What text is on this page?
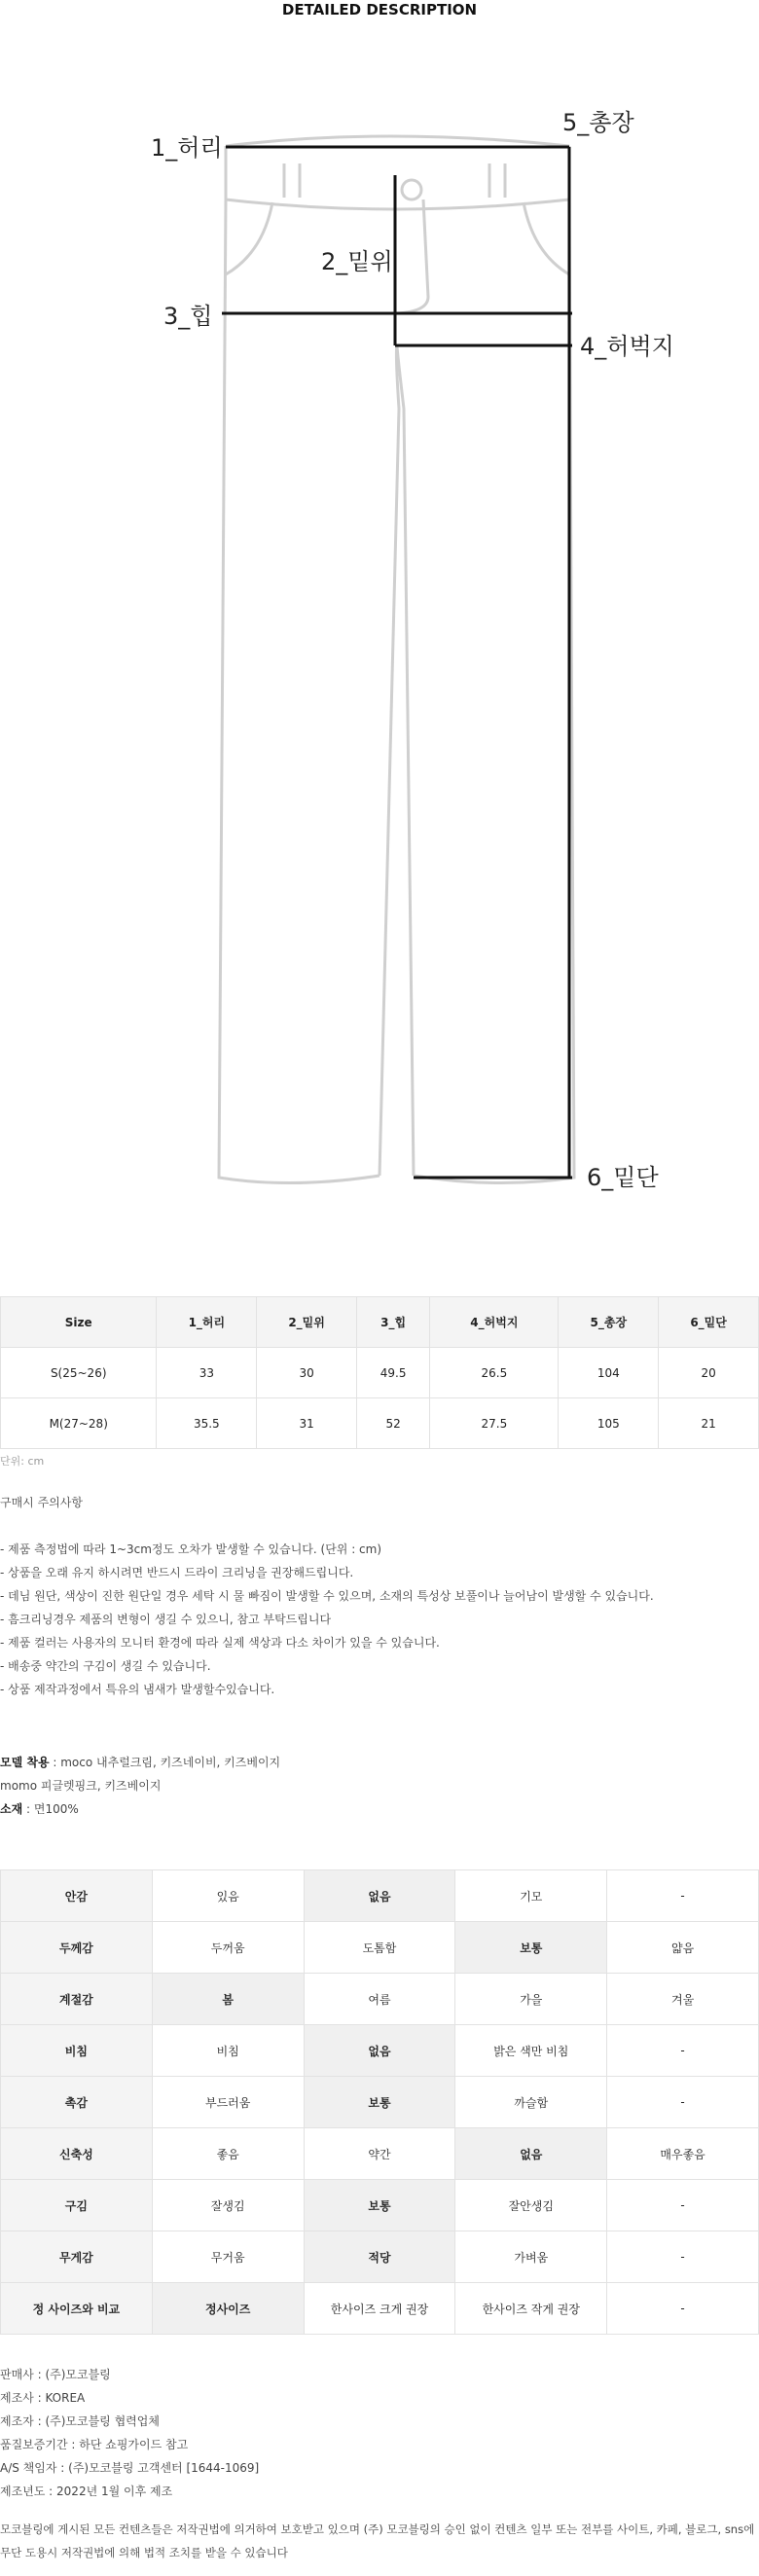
DETAILED DESCRIPTION
1_허리
2_밑위
3_힙
4_허벅지
5_총장
6_밑단
Size	1_허리	2_밑위	3_힙	4_허벅지	5_총장	6_밑단
S(25~26)	33	30	49.5	26.5	104	20
M(27~28)	35.5	31	52	27.5	105	21
단위: cm
구매시 주의사항
- 제품 측정법에 따라 1~3cm정도 오차가 발생할 수 있습니다. (단위 : cm)
- 상품을 오래 유지 하시려면 반드시 드라이 크리닝을 권장해드립니다.
- 데님 원단, 색상이 진한 원단일 경우 세탁 시 물 빠짐이 발생할 수 있으며, 소재의 특성상 보풀이나 늘어남이 발생할 수 있습니다.
- 흠크리닝경우 제품의 변형이 생길 수 있으니, 참고 부탁드립니다
- 제품 컬러는 사용자의 모니터 환경에 따라 실제 색상과 다소 차이가 있을 수 있습니다.
- 배송중 약간의 구김이 생길 수 있습니다.
- 상품 제작과정에서 특유의 냄새가 발생할수있습니다.
모델 착용 : moco 내추럴크림, 키즈네이비, 키즈베이지
momo 피글렛핑크, 키즈베이지
소재 : 면100%
안감	있음	없음	기모	-
두께감	두꺼움	도톰함	보통	얇음
계절감	봄	여름	가을	겨울
비침	비침	없음	밝은 색만 비침	-
촉감	부드러움	보통	까슬함	-
신축성	좋음	약간	없음	매우좋음
구김	잘생김	보통	잘안생김	-
무게감	무거움	적당	가벼움	-
정 사이즈와 비교	정사이즈	한사이즈 크게 권장	한사이즈 작게 권장	-
판매사 : (주)모코블링
제조사 : KOREA
제조자 : (주)모코블링 협력업체
품질보증기간 : 하단 쇼핑가이드 참고
A/S 책임자 : (주)모코블링 고객센터 [1644-1069]
제조년도 : 2022년 1월 이후 제조
모코블링에 게시된 모든 컨텐츠들은 저작권법에 의거하여 보호받고 있으며 (주) 모코블링의 승인 없이 컨텐츠 일부 또는 전부를 사이트, 카페, 블로그, sns에
무단 도용시 저작권법에 의해 법적 조치를 받을 수 있습니다
